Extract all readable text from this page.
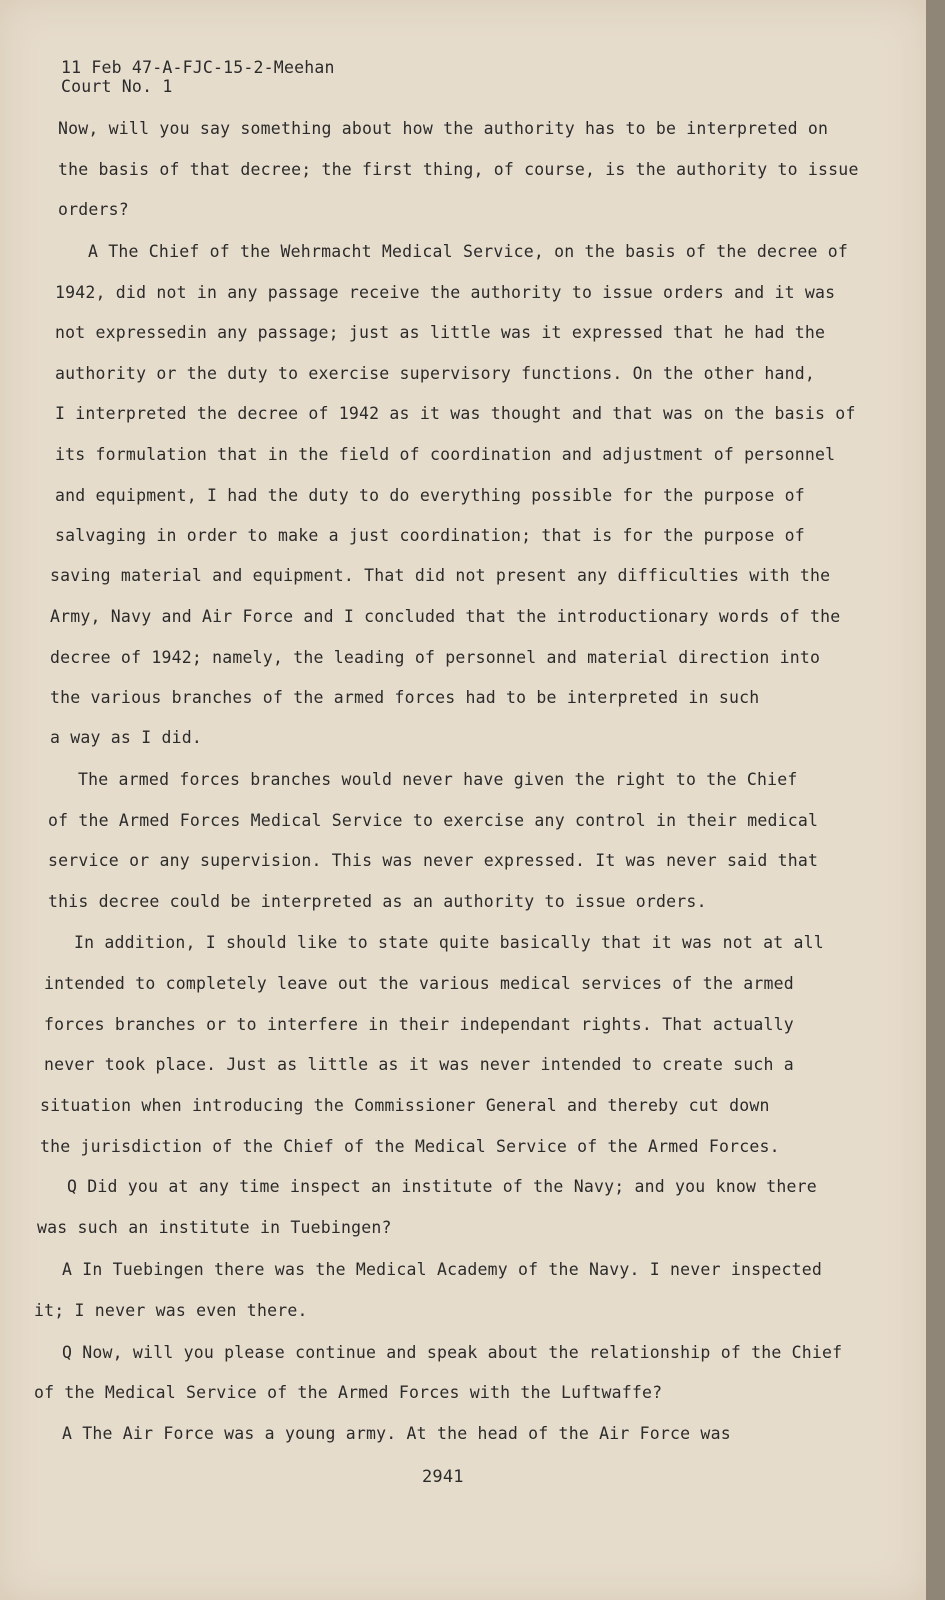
11 Feb 47-A-FJC-15-2-Meehan
Court No. 1
Now, will you say something about how the authority has to be interpreted on
the basis of that decree; the first thing, of course, is the authority to issue
orders?
A The Chief of the Wehrmacht Medical Service, on the basis of the decree of
1942, did not in any passage receive the authority to issue orders and it was
not expressedin any passage; just as little was it expressed that he had the
authority or the duty to exercise supervisory functions. On the other hand,
I interpreted the decree of 1942 as it was thought and that was on the basis of
its formulation that in the field of coordination and adjustment of personnel
and equipment, I had the duty to do everything possible for the purpose of
salvaging in order to make a just coordination; that is for the purpose of
saving material and equipment. That did not present any difficulties with the
Army, Navy and Air Force and I concluded that the introductionary words of the
decree of 1942; namely, the leading of personnel and material direction into
the various branches of the armed forces had to be interpreted in such
a way as I did.
The armed forces branches would never have given the right to the Chief
of the Armed Forces Medical Service to exercise any control in their medical
service or any supervision. This was never expressed. It was never said that
this decree could be interpreted as an authority to issue orders.
In addition, I should like to state quite basically that it was not at all
intended to completely leave out the various medical services of the armed
forces branches or to interfere in their independant rights. That actually
never took place. Just as little as it was never intended to create such a
situation when introducing the Commissioner General and thereby cut down
the jurisdiction of the Chief of the Medical Service of the Armed Forces.
Q Did you at any time inspect an institute of the Navy; and you know there
was such an institute in Tuebingen?
A In Tuebingen there was the Medical Academy of the Navy. I never inspected
it; I never was even there.
Q Now, will you please continue and speak about the relationship of the Chief
of the Medical Service of the Armed Forces with the Luftwaffe?
A The Air Force was a young army. At the head of the Air Force was
2941
